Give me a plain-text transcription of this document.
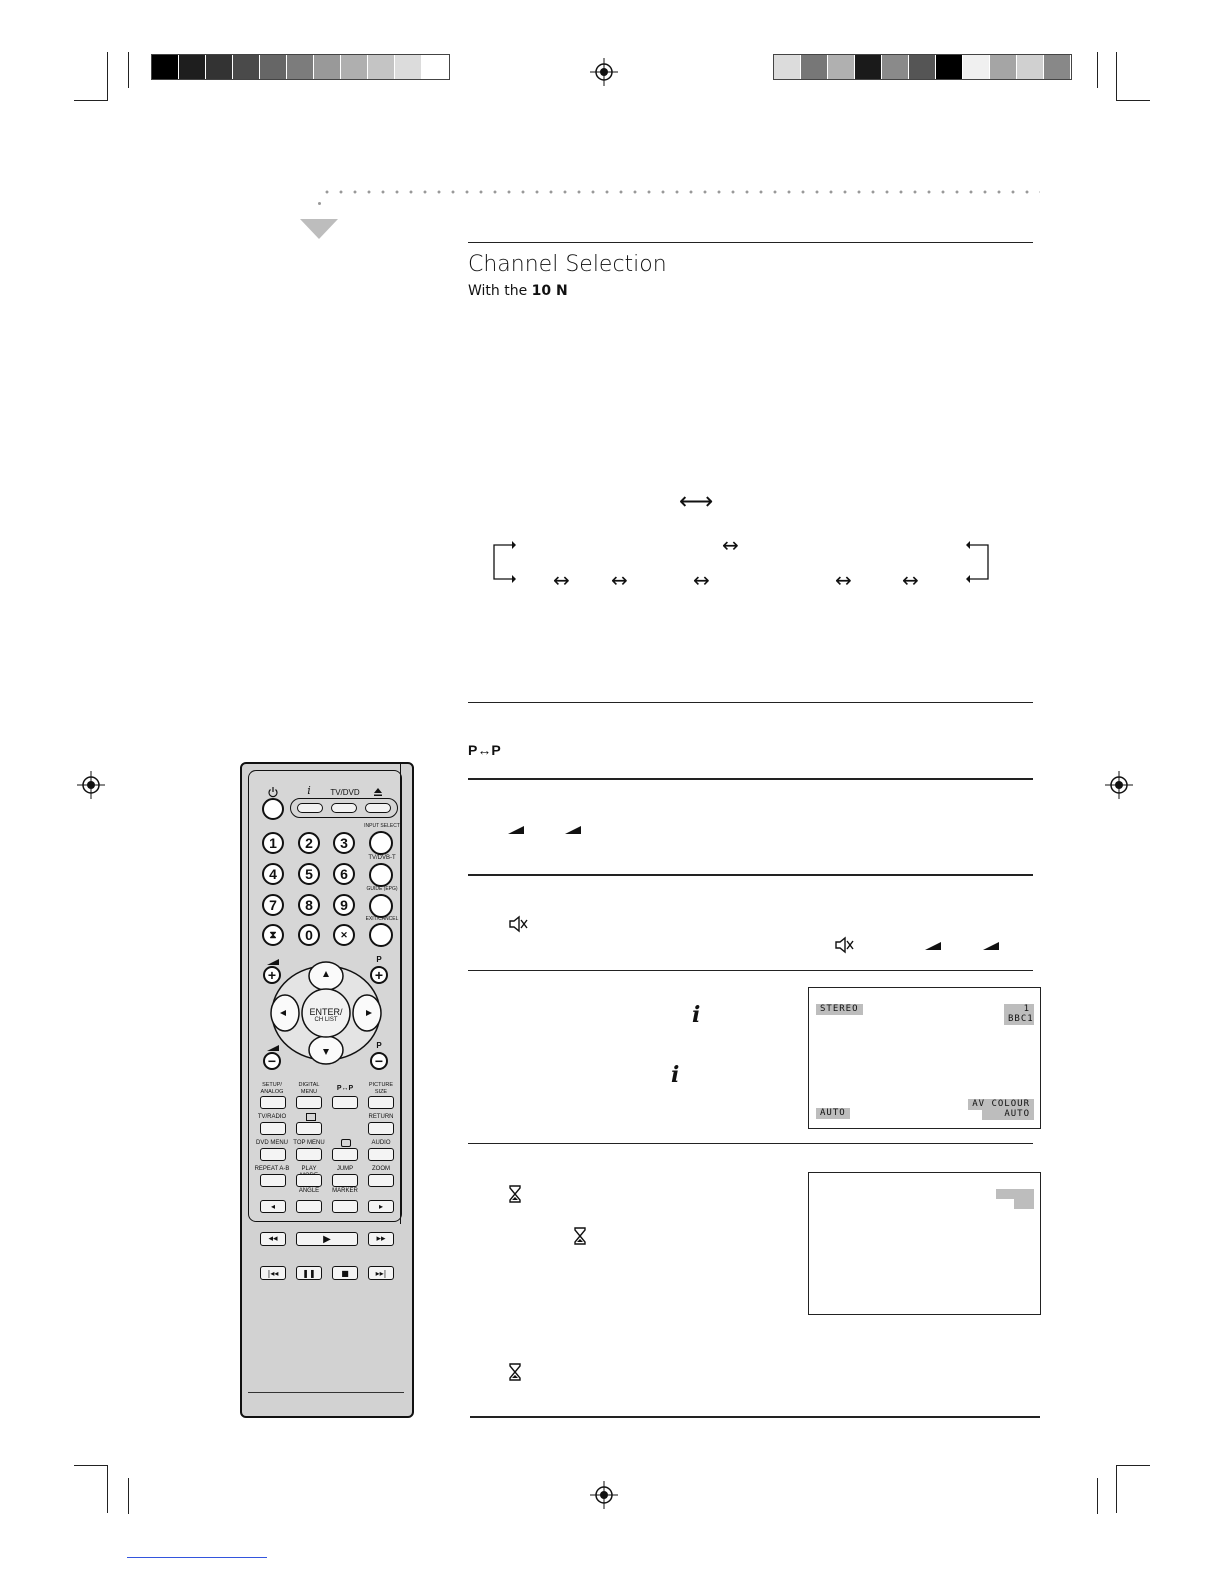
Channel Selection
With the 10 N
⟷
↔
↔ ↔	↔	↔	↔
P↔P
i
i
STEREO	1
BBC1
AUTO
AV COLOUR
AUTO
i	TV/DVD
1	2	3
4	5	6
7	8	9
⧗	0	✕
INPUT SELECT
TV/DVB-T
GUIDE (EPG)
EXIT/CANCEL
+
P
+
−
P
−
ENTER/
CH LIST
SETUP/ ANALOG
DIGITAL MENU	P↔P	PICTURE SIZE
TV/RADIO	RETURN
DVD MENU TOP MENU	AUDIO
REPEAT A-B	PLAY	JUMP	ZOOM
ANGLE	MARKER
◂	▸
◂◂	▶	▸▸
|◂◂	❚❚	■	▸▸|
